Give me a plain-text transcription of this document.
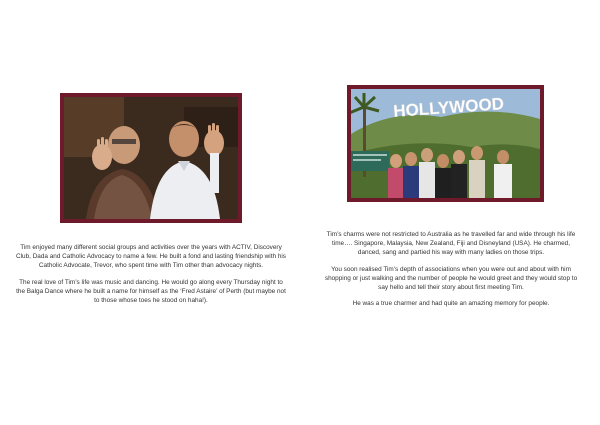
Tim enjoyed many different social groups and activities over the years with ACTIV, Discovery Club, Dada and Catholic Advocacy to name a few. He built a fond and lasting friendship with his Catholic Advocate, Trevor, who spent time with Tim other than advocacy nights.

The real love of Tim’s life was music and dancing. He would go along every Thursday night to the Balga Dance where he built a name for himself as the ‘Fred Astaire’ of Perth (but maybe not to those whose toes he stood on haha!).

HOLLYWOOD

Tim’s charms were not restricted to Australia as he travelled far and wide through his life time…. Singapore, Malaysia, New Zealand, Fiji and Disneyland (USA). He charmed, danced, sang and partied his way with many ladies on those trips.

You soon realised Tim’s depth of associations when you were out and about with him shopping or just walking and the number of people he would greet and they would stop to say hello and tell their story about first meeting Tim.

He was a true charmer and had quite an amazing memory for people.
